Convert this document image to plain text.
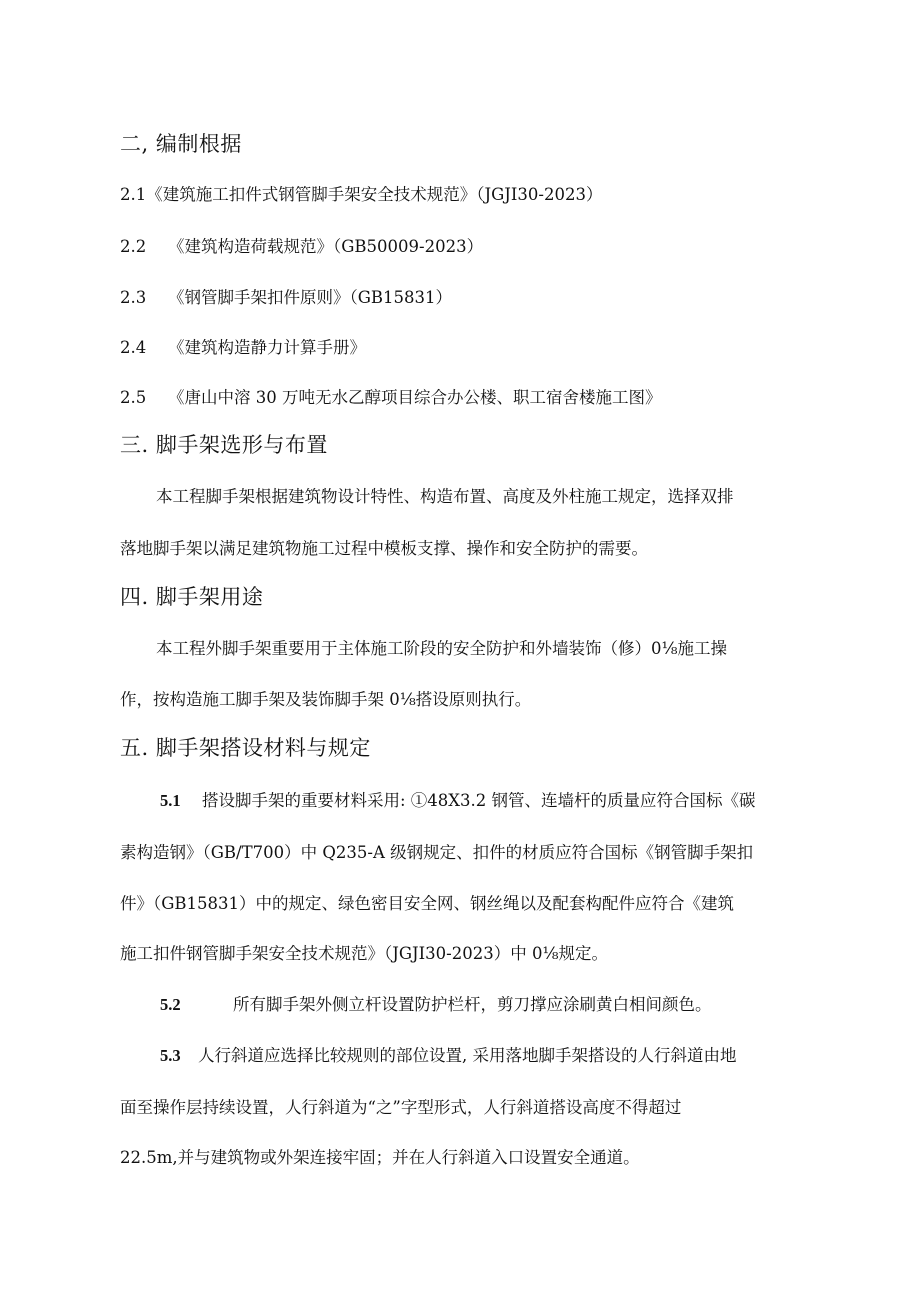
二, 编制根据
2.1《建筑施工扣件式钢管脚手架安全技术规范》（JGJI30-2023）
2.2 《建筑构造荷载规范》（GB50009-2023）
2.3 《钢管脚手架扣件原则》（GB15831）
2.4 《建筑构造静力计算手册》
2.5 《唐山中溶 30 万吨无水乙醇项目综合办公楼、职工宿舍楼施工图》
三. 脚手架选形与布置
本工程脚手架根据建筑物设计特性、构造布置、高度及外柱施工规定，选择双排
落地脚手架以满足建筑物施工过程中模板支撑、操作和安全防护的需要。
四. 脚手架用途
本工程外脚手架重要用于主体施工阶段的安全防护和外墙装饰（修）0⅛施工操
作，按构造施工脚手架及装饰脚手架 0⅛搭设原则执行。
五. 脚手架搭设材料与规定
5.1 搭设脚手架的重要材料采用: ①48X3.2 钢管、连墙杆的质量应符合国标《碳
素构造钢》（GB/T700）中 Q235-A 级钢规定、扣件的材质应符合国标《钢管脚手架扣
件》（GB15831）中的规定、绿色密目安全网、钢丝绳以及配套构配件应符合《建筑
施工扣件钢管脚手架安全技术规范》（JGJI30-2023）中 0⅛规定。
5.2	所有脚手架外侧立杆设置防护栏杆，剪刀撑应涂刷黄白相间颜色。
5.3 人行斜道应选择比较规则的部位设置, 采用落地脚手架搭设的人行斜道由地
面至操作层持续设置，人行斜道为“之”字型形式，人行斜道搭设高度不得超过
22.5m,并与建筑物或外架连接牢固；并在人行斜道入口设置安全通道。
